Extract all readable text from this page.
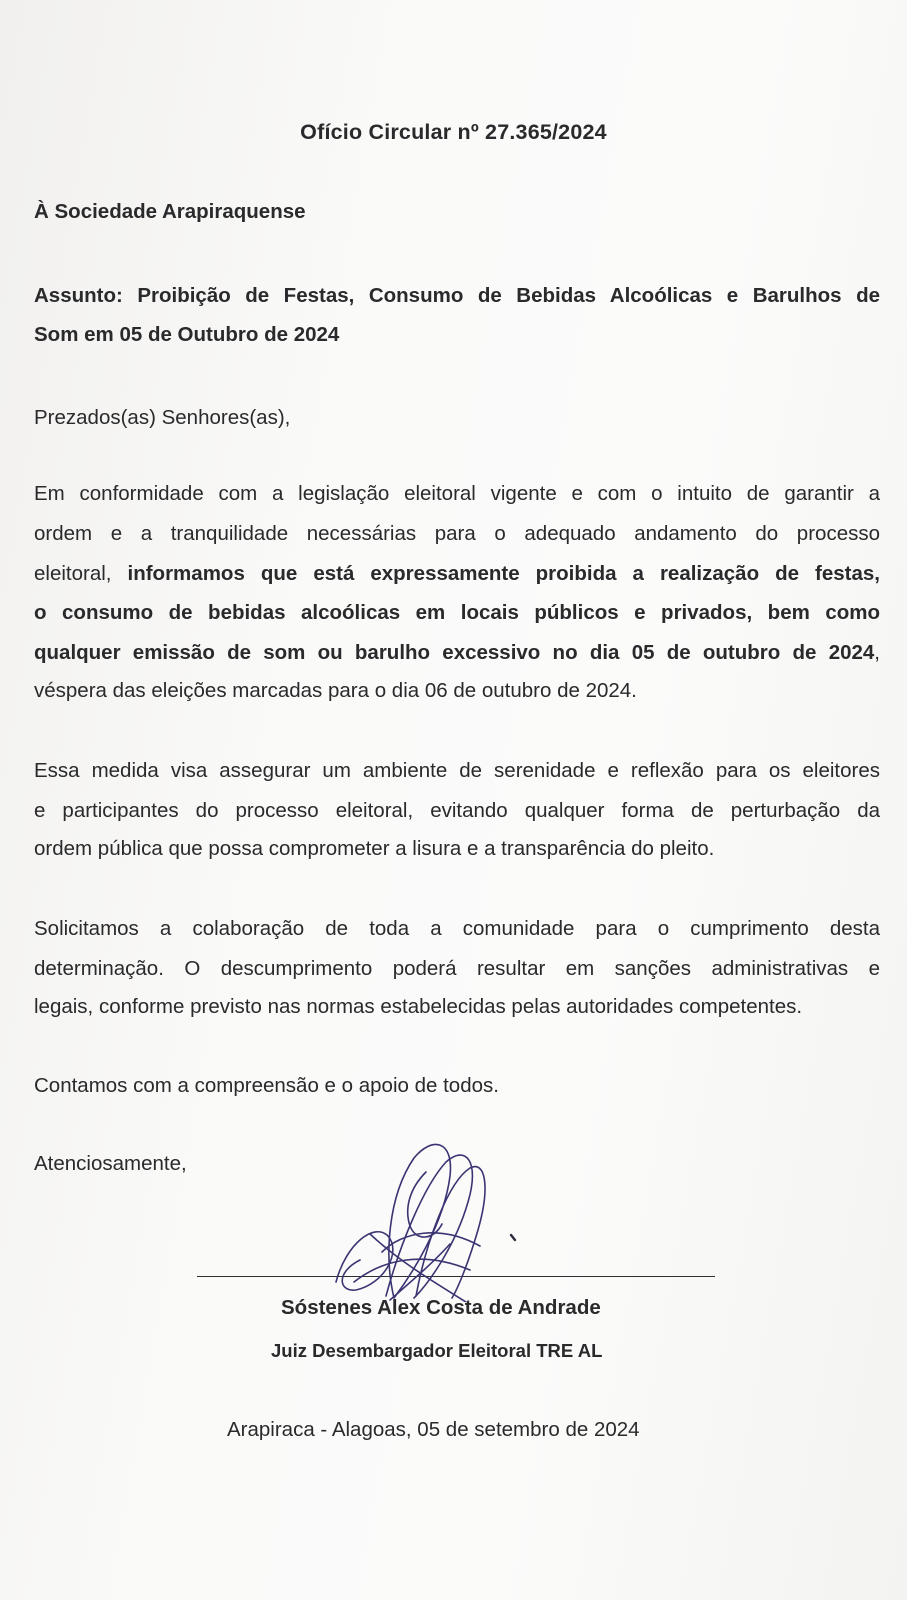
Ofício Circular nº 27.365/2024
À Sociedade Arapiraquense
Assunto: Proibição de Festas, Consumo de Bebidas Alcoólicas e Barulhos de
Som em 05 de Outubro de 2024
Prezados(as) Senhores(as),
Em conformidade com a legislação eleitoral vigente e com o intuito de garantir a
ordem e a tranquilidade necessárias para o adequado andamento do processo
eleitoral, informamos que está expressamente proibida a realização de festas,
o consumo de bebidas alcoólicas em locais públicos e privados, bem como
qualquer emissão de som ou barulho excessivo no dia 05 de outubro de 2024,
véspera das eleições marcadas para o dia 06 de outubro de 2024.
Essa medida visa assegurar um ambiente de serenidade e reflexão para os eleitores
e participantes do processo eleitoral, evitando qualquer forma de perturbação da
ordem pública que possa comprometer a lisura e a transparência do pleito.
Solicitamos a colaboração de toda a comunidade para o cumprimento desta
determinação. O descumprimento poderá resultar em sanções administrativas e
legais, conforme previsto nas normas estabelecidas pelas autoridades competentes.
Contamos com a compreensão e o apoio de todos.
Atenciosamente,
Sóstenes Alex Costa de Andrade
Juiz Desembargador Eleitoral TRE AL
Arapiraca - Alagoas, 05 de setembro de 2024
